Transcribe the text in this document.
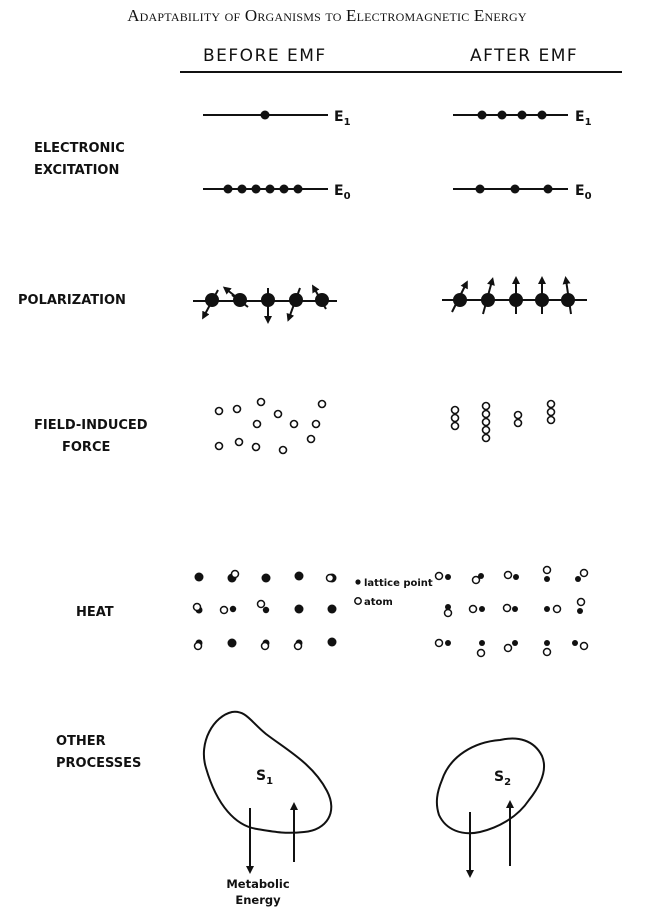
Adaptability of Organisms to Electromagnetic Energy
BEFORE EMF	AFTER EMF
ELECTRONIC
EXCITATION
POLARIZATION
FIELD-INDUCED
FORCE
HEAT
OTHER
PROCESSES
$E_1$
$E_0$
$E_1$
$E_0$
lattice point
atom
$S_1$
Metabolic
Energy
$S_2$
